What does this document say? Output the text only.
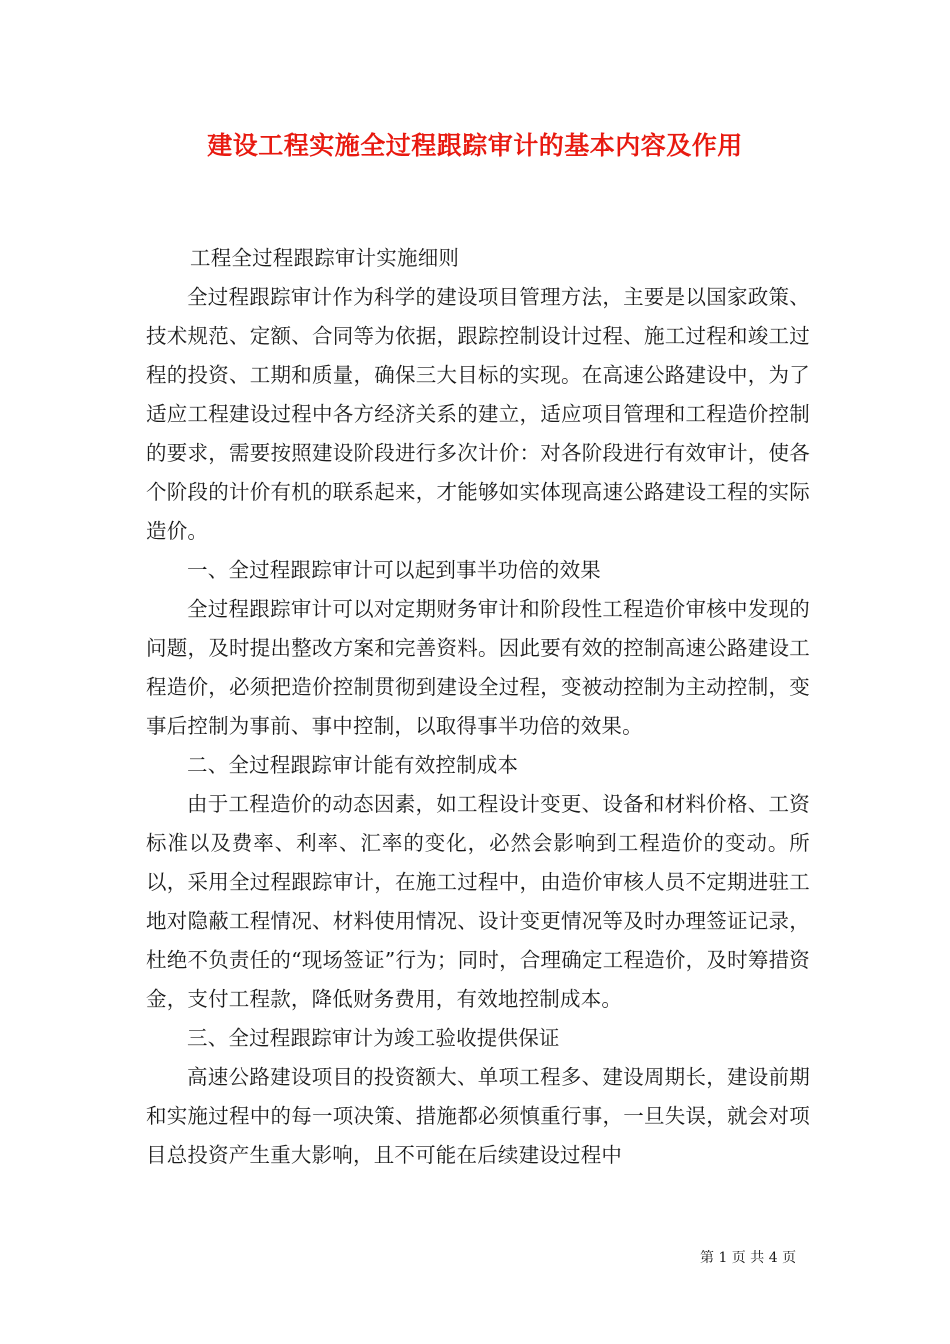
建设工程实施全过程跟踪审计的基本内容及作用

工程全过程跟踪审计实施细则

全过程跟踪审计作为科学的建设项目管理方法，主要是以国家政策、技术规范、定额、合同等为依据，跟踪控制设计过程、施工过程和竣工过程的投资、工期和质量，确保三大目标的实现。在高速公路建设中，为了适应工程建设过程中各方经济关系的建立，适应项目管理和工程造价控制的要求，需要按照建设阶段进行多次计价：对各阶段进行有效审计，使各个阶段的计价有机的联系起来，才能够如实体现高速公路建设工程的实际造价。

一、全过程跟踪审计可以起到事半功倍的效果

全过程跟踪审计可以对定期财务审计和阶段性工程造价审核中发现的问题，及时提出整改方案和完善资料。因此要有效的控制高速公路建设工程造价，必须把造价控制贯彻到建设全过程，变被动控制为主动控制，变事后控制为事前、事中控制，以取得事半功倍的效果。

二、全过程跟踪审计能有效控制成本

由于工程造价的动态因素，如工程设计变更、设备和材料价格、工资标准以及费率、利率、汇率的变化，必然会影响到工程造价的变动。所以，采用全过程跟踪审计，在施工过程中，由造价审核人员不定期进驻工地对隐蔽工程情况、材料使用情况、设计变更情况等及时办理签证记录，杜绝不负责任的“现场签证”行为；同时，合理确定工程造价，及时筹措资金，支付工程款，降低财务费用，有效地控制成本。

三、全过程跟踪审计为竣工验收提供保证

高速公路建设项目的投资额大、单项工程多、建设周期长，建设前期和实施过程中的每一项决策、措施都必须慎重行事，一旦失误，就会对项目总投资产生重大影响，且不可能在后续建设过程中

第 1 页 共 4 页
